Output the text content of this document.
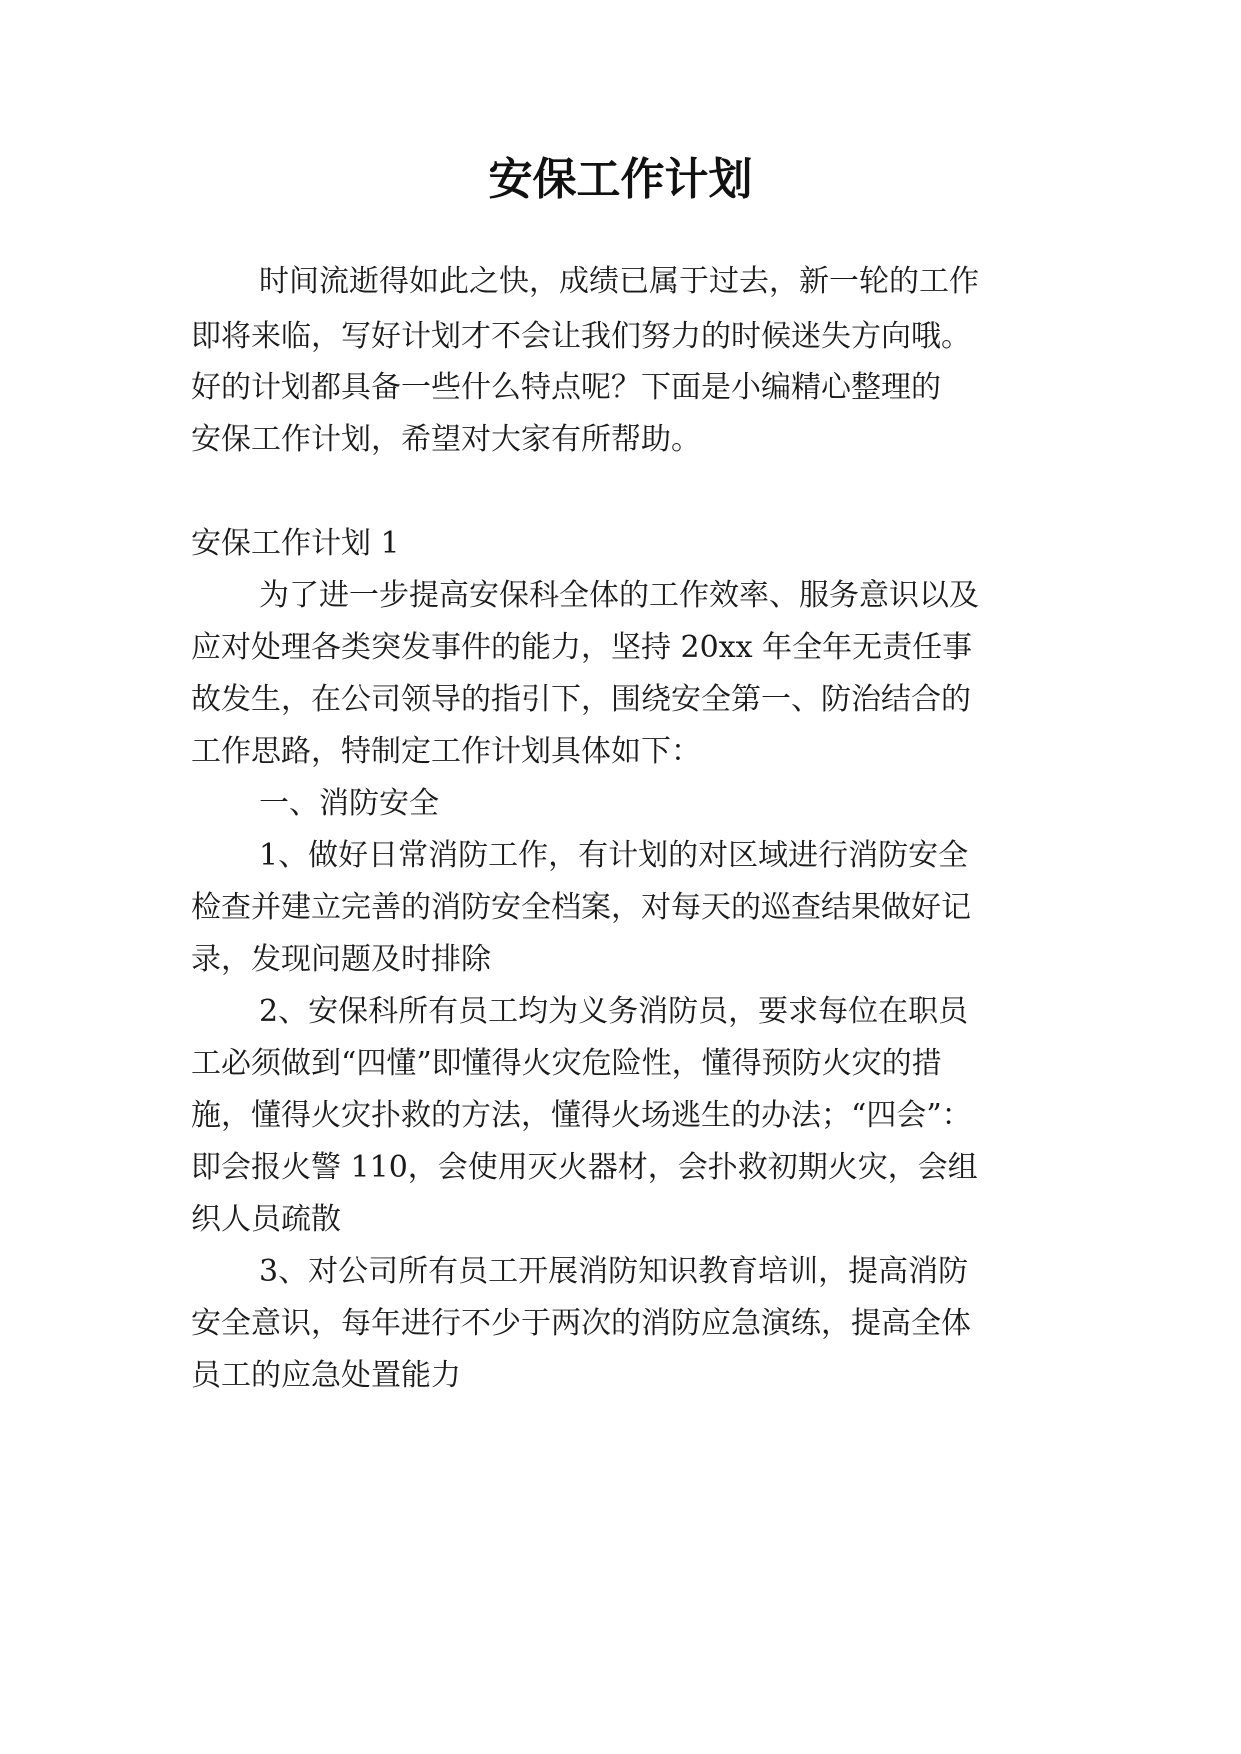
安保工作计划
时间流逝得如此之快，成绩已属于过去，新一轮的工作
即将来临，写好计划才不会让我们努力的时候迷失方向哦。
好的计划都具备一些什么特点呢？下面是小编精心整理的
安保工作计划，希望对大家有所帮助。
安保工作计划 1
为了进一步提高安保科全体的工作效率、服务意识以及
应对处理各类突发事件的能力，坚持 20xx 年全年无责任事
故发生，在公司领导的指引下，围绕安全第一、防治结合的
工作思路，特制定工作计划具体如下：
一、消防安全
1、做好日常消防工作，有计划的对区域进行消防安全
检查并建立完善的消防安全档案，对每天的巡查结果做好记
录，发现问题及时排除
2、安保科所有员工均为义务消防员，要求每位在职员
工必须做到“四懂”即懂得火灾危险性，懂得预防火灾的措
施，懂得火灾扑救的方法，懂得火场逃生的办法；“四会”：
即会报火警 110，会使用灭火器材，会扑救初期火灾，会组
织人员疏散
3、对公司所有员工开展消防知识教育培训，提高消防
安全意识，每年进行不少于两次的消防应急演练，提高全体
员工的应急处置能力
